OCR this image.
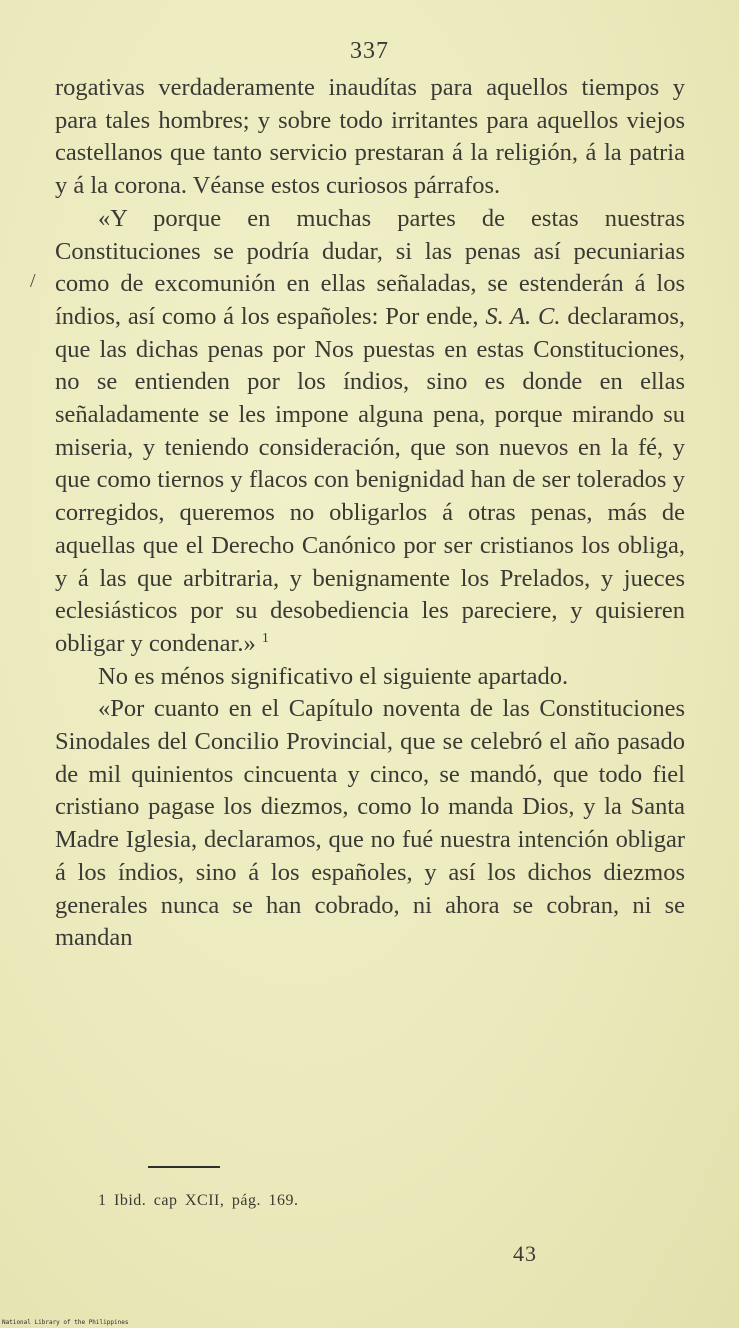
337
/

rogativas verdaderamente inaudítas para aquellos tiempos y para tales hombres; y sobre todo irritantes para aquellos viejos castellanos que tanto servicio prestaran á la religión, á la patria y á la corona. Véanse estos curiosos párrafos.

«Y porque en muchas partes de estas nuestras Constituciones se podría dudar, si las penas así pecuniarias como de excomunión en ellas señaladas, se estenderán á los índios, así como á los españoles: Por ende, S. A. C. declaramos, que las dichas penas por Nos puestas en estas Constituciones, no se entienden por los índios, sino es donde en ellas señaladamente se les impone alguna pena, porque mirando su miseria, y teniendo consideración, que son nuevos en la fé, y que como tiernos y flacos con benignidad han de ser tolerados y corregidos, queremos no obligarlos á otras penas, más de aquellas que el Derecho Canónico por ser cristianos los obliga, y á las que arbitraria, y benignamente los Prelados, y jueces eclesiásticos por su desobediencia les pareciere, y quisieren obligar y condenar.» $^1$

No es ménos significativo el siguiente apartado.

«Por cuanto en el Capítulo noventa de las Constituciones Sinodales del Concilio Provincial, que se celebró el año pasado de mil quinientos cincuenta y cinco, se mandó, que todo fiel cristiano pagase los diezmos, como lo manda Dios, y la Santa Madre Iglesia, declaramos, que no fué nuestra intención obligar á los índios, sino á los españoles, y así los dichos diezmos generales nunca se han cobrado, ni ahora se cobran, ni se mandan

1 Ibid. cap XCII, pág. 169.
43
National Library of the Philippines
